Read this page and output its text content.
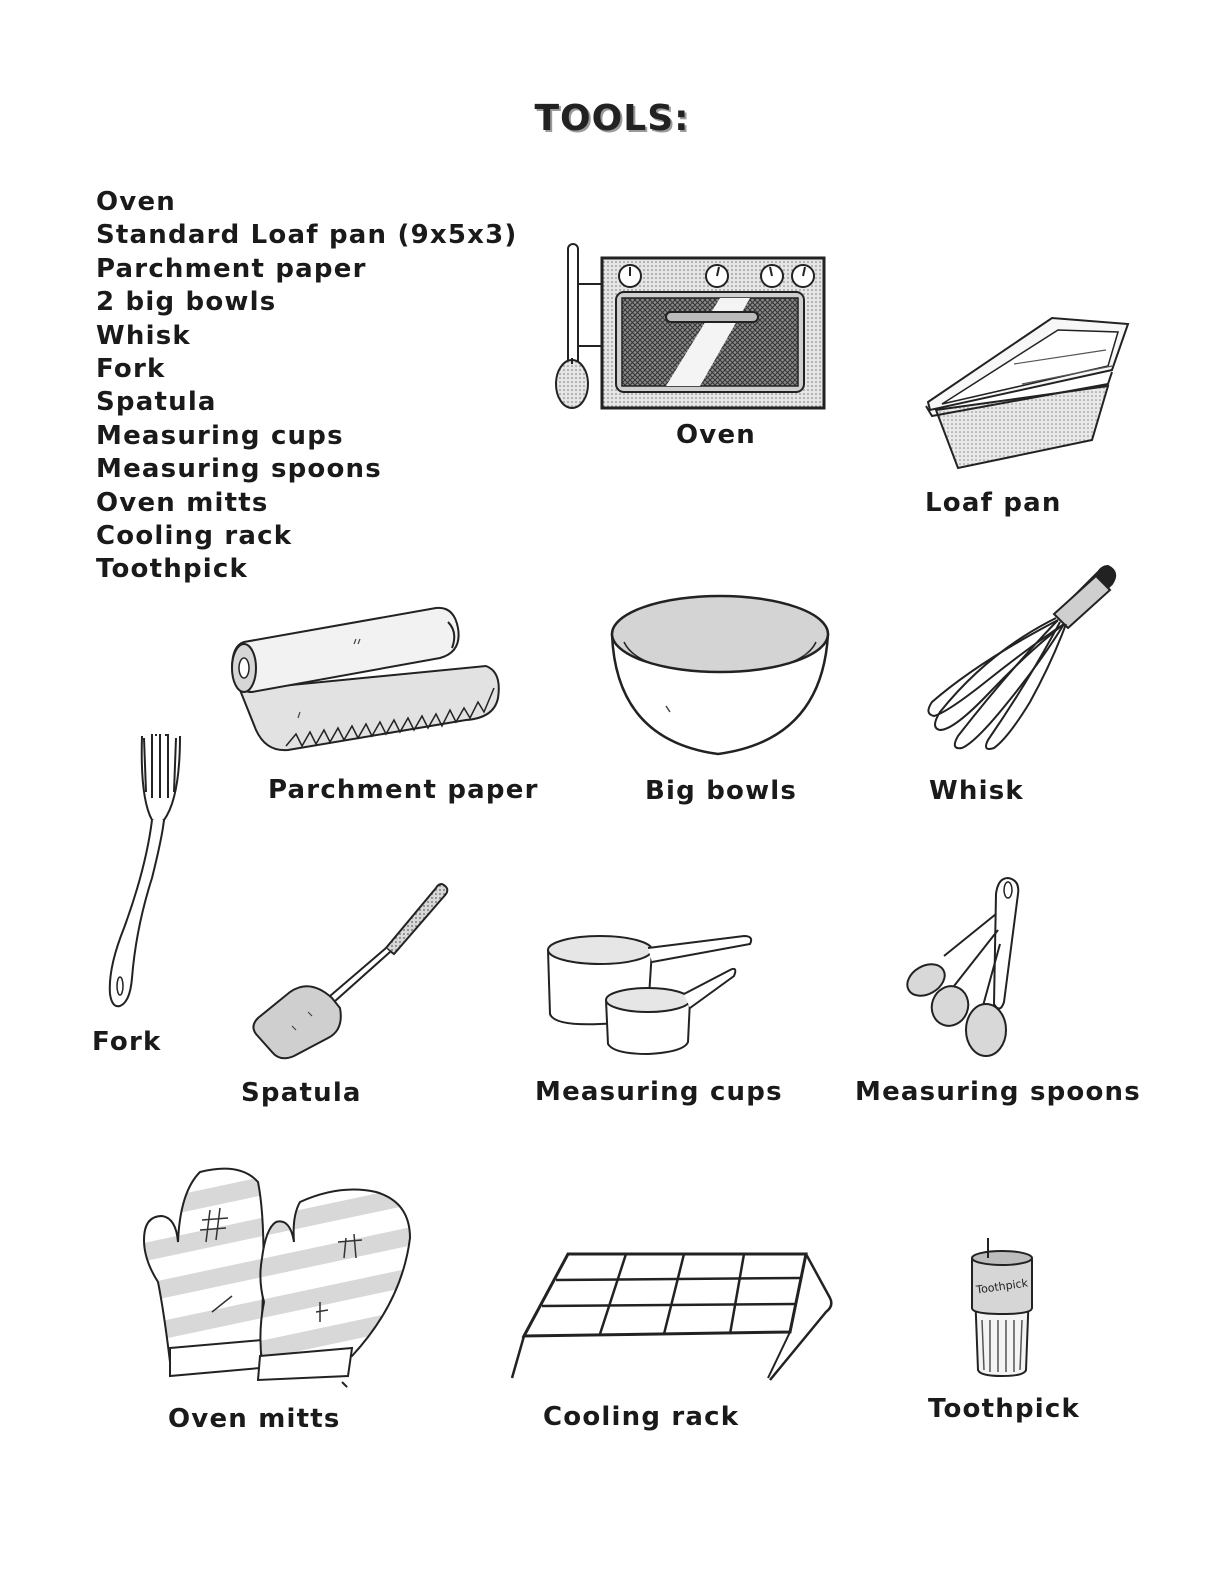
TOOLS:
Oven
Standard Loaf pan (9x5x3)
Parchment paper
2 big bowls
Whisk
Fork
Spatula
Measuring cups
Measuring spoons
Oven mitts
Cooling rack
Toothpick
Oven
Loaf pan
Parchment paper	Big bowls	Whisk
Fork
Spatula	Measuring cups	Measuring spoons
Oven mitts	Cooling rack
Toothpick
Toothpick
